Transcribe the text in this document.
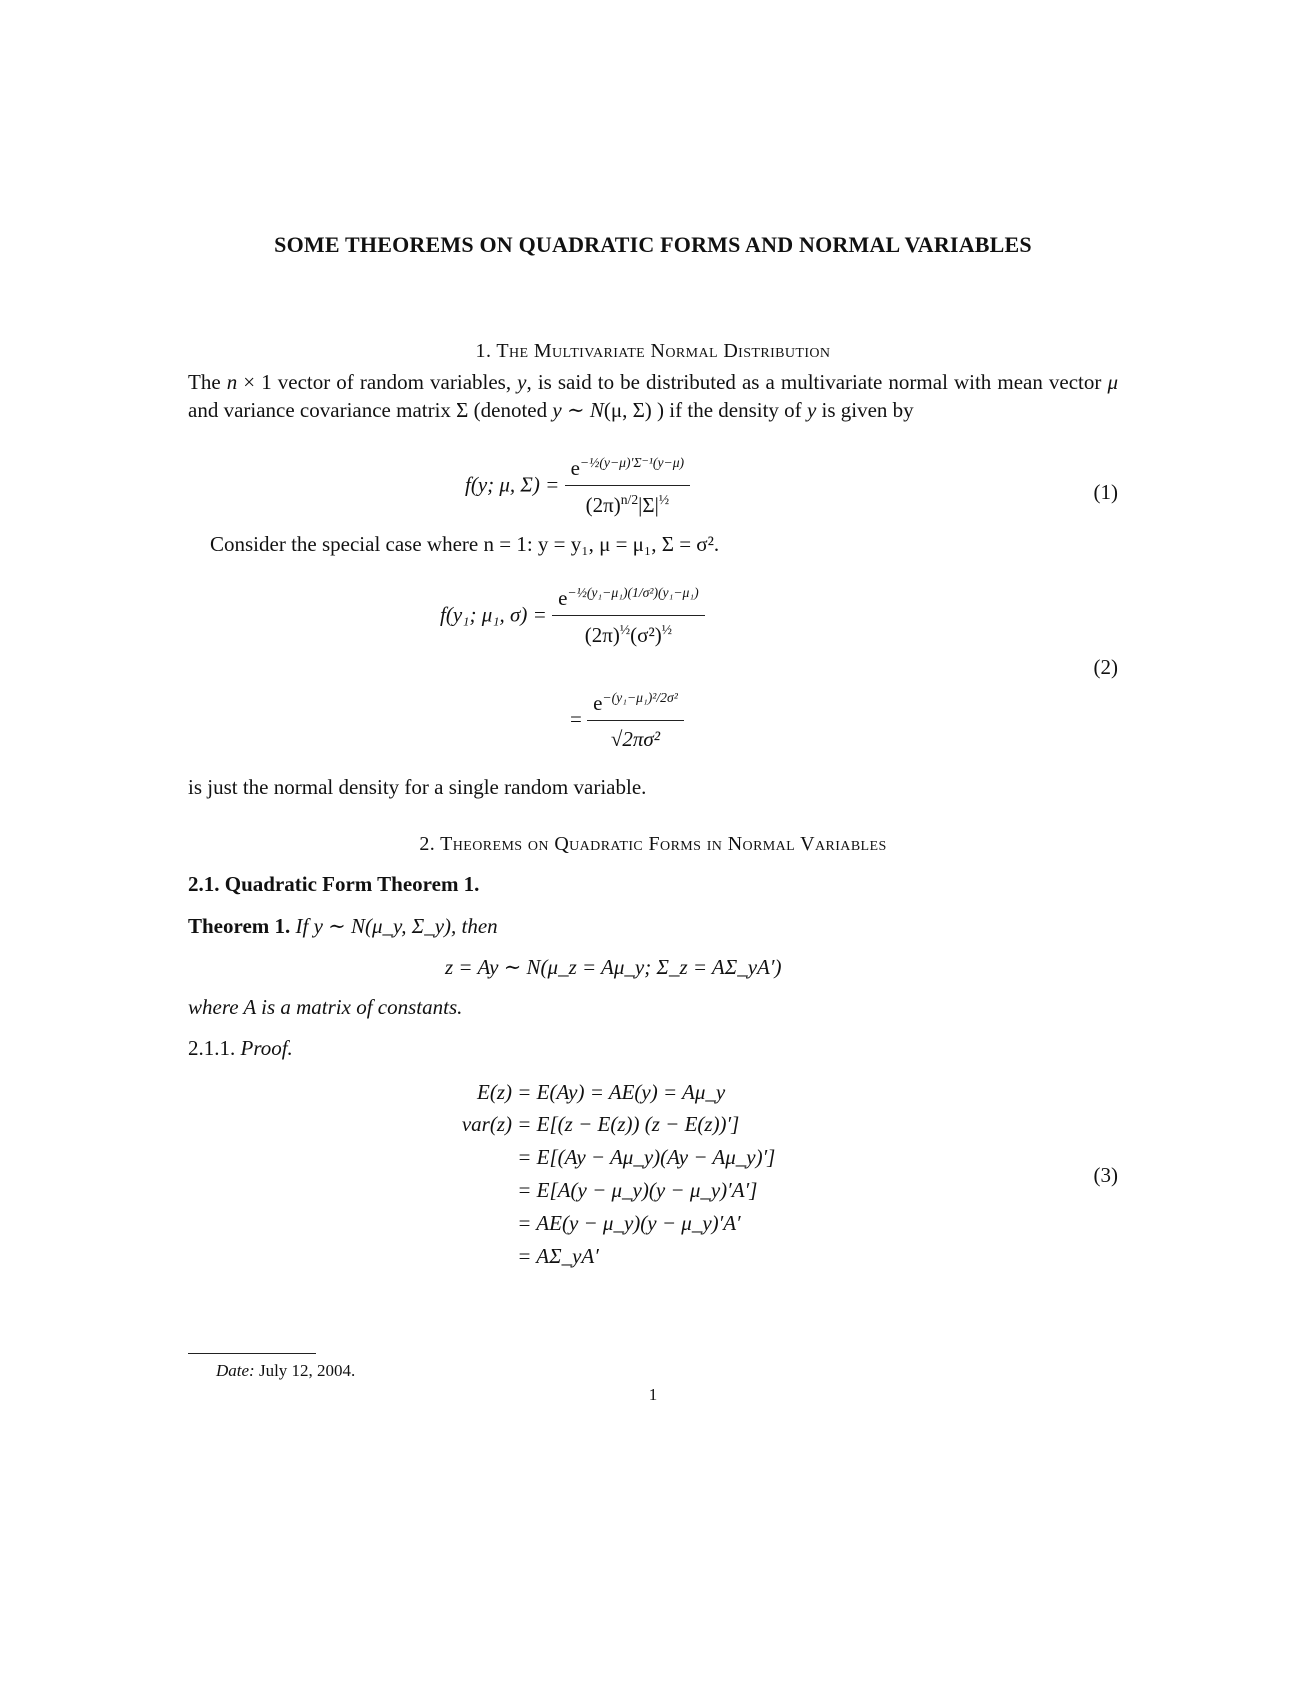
SOME THEOREMS ON QUADRATIC FORMS AND NORMAL VARIABLES
1. The Multivariate Normal Distribution
The n × 1 vector of random variables, y, is said to be distributed as a multivariate normal with mean vector μ and variance covariance matrix Σ (denoted y ∼ N(μ, Σ) ) if the density of y is given by
f(y; μ, $\Sigma) = \frac{e^{-\frac{1}{2}(y-\mu)'\Sigma^{-1}(y-\mu)}}{(2\pi)^{n/2}|\Sigma|^{\frac{1}{2}}}$	(1)
Consider the special case where n = 1: y = y₁, μ = μ₁, Σ = σ².
f(y₁; μ₁, $\sigma) = \frac{e^{-\frac{1}{2}(y_1-\mu_1)(1/\sigma^2)(y_1-\mu_1)}}{(2\pi)^{\frac{1}{2}}(\sigma^2)^{\frac{1}{2}}}$
(2)
= $\frac{e^{-(y_1-\mu_1)^2/2\sigma^2}}{\text{√2πσ²}}$
is just the normal density for a single random variable.
2. Theorems on Quadratic Forms in Normal Variables
2.1. Quadratic Form Theorem 1.
Theorem 1. If y ∼ N(μ_y, Σ_y), then
z = Ay ∼ N(μ_z = Aμ_y; Σ_z = AΣ_yA′)
where A is a matrix of constants.
2.1.1. Proof.
E(z) = E(Ay) = AE(y) = Aμ_y
var(z) = E[(z − E(z)) (z − E(z))′]
= E[(Ay − Aμ_y)(Ay − Aμ_y)′]
= E[A(y − μ_y)(y − μ_y)′A′]
= AE(y − μ_y)(y − μ_y)′A′
= AΣ_yA′
(3)
Date: July 12, 2004.
1
